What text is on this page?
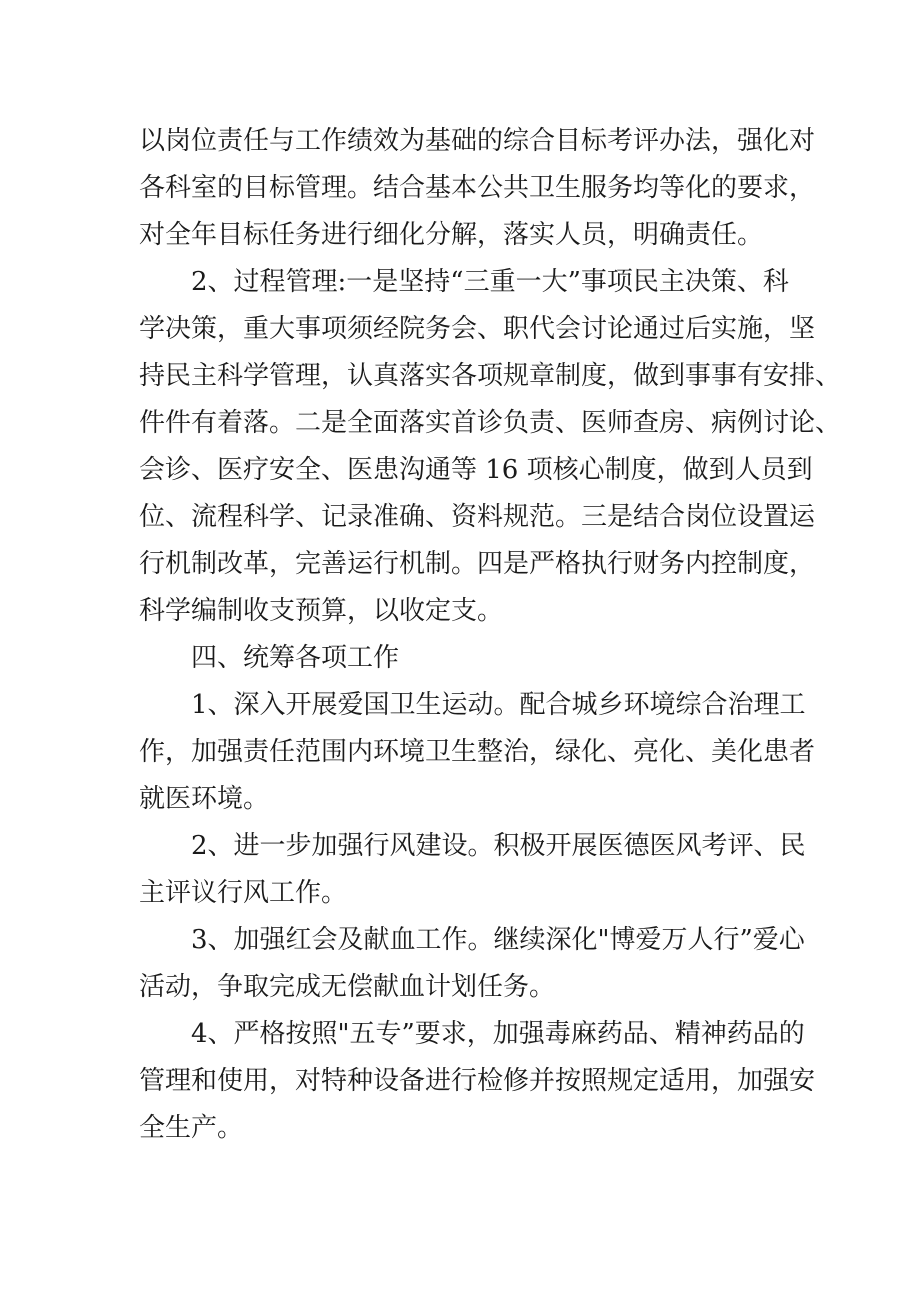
以岗位责任与工作绩效为基础的综合目标考评办法，强化对
各科室的目标管理。结合基本公共卫生服务均等化的要求，
对全年目标任务进行细化分解，落实人员，明确责任。
2、过程管理:一是坚持“三重一大”事项民主决策、科
学决策，重大事项须经院务会、职代会讨论通过后实施，坚
持民主科学管理，认真落实各项规章制度，做到事事有安排、
件件有着落。二是全面落实首诊负责、医师查房、病例讨论、
会诊、医疗安全、医患沟通等 16 项核心制度，做到人员到
位、流程科学、记录准确、资料规范。三是结合岗位设置运
行机制改革，完善运行机制。四是严格执行财务内控制度，
科学编制收支预算，以收定支。
四、统筹各项工作
1、深入开展爱国卫生运动。配合城乡环境综合治理工
作，加强责任范围内环境卫生整治，绿化、亮化、美化患者
就医环境。
2、进一步加强行风建设。积极开展医德医风考评、民
主评议行风工作。
3、加强红会及献血工作。继续深化"博爱万人行”爱心
活动，争取完成无偿献血计划任务。
4、严格按照"五专”要求，加强毒麻药品、精神药品的
管理和使用，对特种设备进行检修并按照规定适用，加强安
全生产。
